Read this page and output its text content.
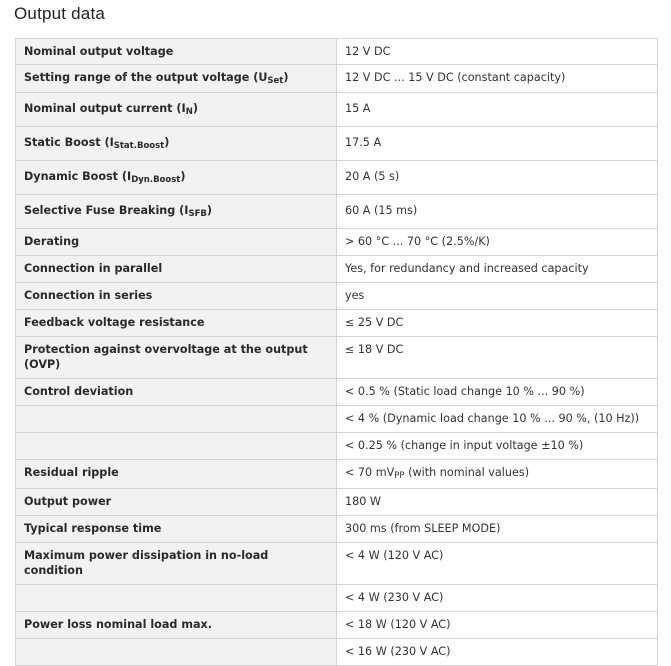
Output data
Nominal output voltage	12 V DC
Setting range of the output voltage (USet)	12 V DC ... 15 V DC (constant capacity)
Nominal output current (IN)	15 A
Static Boost (IStat.Boost)	17.5 A
Dynamic Boost (IDyn.Boost)	20 A (5 s)
Selective Fuse Breaking (ISFB)	60 A (15 ms)
Derating	> 60 °C ... 70 °C (2.5%/K)
Connection in parallel	Yes, for redundancy and increased capacity
Connection in series	yes
Feedback voltage resistance	≤ 25 V DC
Protection against overvoltage at the output (OVP)	≤ 18 V DC
Control deviation	< 0.5 % (Static load change 10 % ... 90 %)
	< 4 % (Dynamic load change 10 % ... 90 %, (10 Hz))
	< 0.25 % (change in input voltage ±10 %)
Residual ripple	< 70 mVPP (with nominal values)
Output power	180 W
Typical response time	300 ms (from SLEEP MODE)
Maximum power dissipation in no-load condition	< 4 W (120 V AC)
	< 4 W (230 V AC)
Power loss nominal load max.	< 18 W (120 V AC)
	< 16 W (230 V AC)
